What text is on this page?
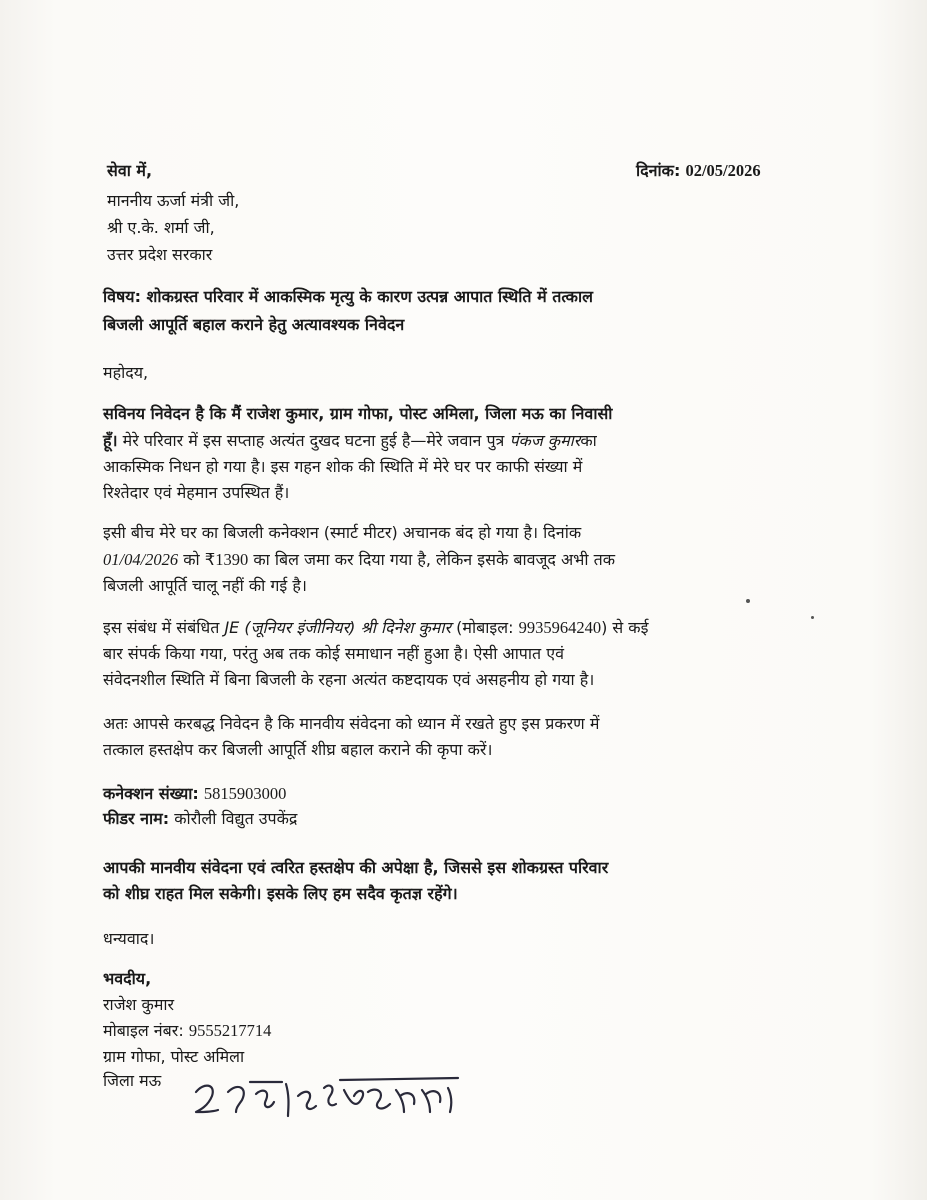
सेवा में,	दिनांक: 02/05/2026
माननीय ऊर्जा मंत्री जी,
श्री ए.के. शर्मा जी,
उत्तर प्रदेश सरकार
विषय: शोकग्रस्त परिवार में आकस्मिक मृत्यु के कारण उत्पन्न आपात स्थिति में तत्काल
बिजली आपूर्ति बहाल कराने हेतु अत्यावश्यक निवेदन
महोदय,
सविनय निवेदन है कि मैं राजेश कुमार, ग्राम गोफा, पोस्ट अमिला, जिला मऊ का निवासी
हूँ। मेरे परिवार में इस सप्ताह अत्यंत दुखद घटना हुई है—मेरे जवान पुत्र पंकज कुमारका
आकस्मिक निधन हो गया है। इस गहन शोक की स्थिति में मेरे घर पर काफी संख्या में
रिश्तेदार एवं मेहमान उपस्थित हैं।
इसी बीच मेरे घर का बिजली कनेक्शन (स्मार्ट मीटर) अचानक बंद हो गया है। दिनांक
01/04/2026 को ₹1390 का बिल जमा कर दिया गया है, लेकिन इसके बावजूद अभी तक
बिजली आपूर्ति चालू नहीं की गई है।
इस संबंध में संबंधित JE (जूनियर इंजीनियर) श्री दिनेश कुमार (मोबाइल: 9935964240) से कई
बार संपर्क किया गया, परंतु अब तक कोई समाधान नहीं हुआ है। ऐसी आपात एवं
संवेदनशील स्थिति में बिना बिजली के रहना अत्यंत कष्टदायक एवं असहनीय हो गया है।
अतः आपसे करबद्ध निवेदन है कि मानवीय संवेदना को ध्यान में रखते हुए इस प्रकरण में
तत्काल हस्तक्षेप कर बिजली आपूर्ति शीघ्र बहाल कराने की कृपा करें।
कनेक्शन संख्या: 5815903000
फीडर नाम: कोरौली विद्युत उपकेंद्र
आपकी मानवीय संवेदना एवं त्वरित हस्तक्षेप की अपेक्षा है, जिससे इस शोकग्रस्त परिवार
को शीघ्र राहत मिल सकेगी। इसके लिए हम सदैव कृतज्ञ रहेंगे।
धन्यवाद।
भवदीय,
राजेश कुमार
मोबाइल नंबर: 9555217714
ग्राम गोफा, पोस्ट अमिला
जिला मऊ
